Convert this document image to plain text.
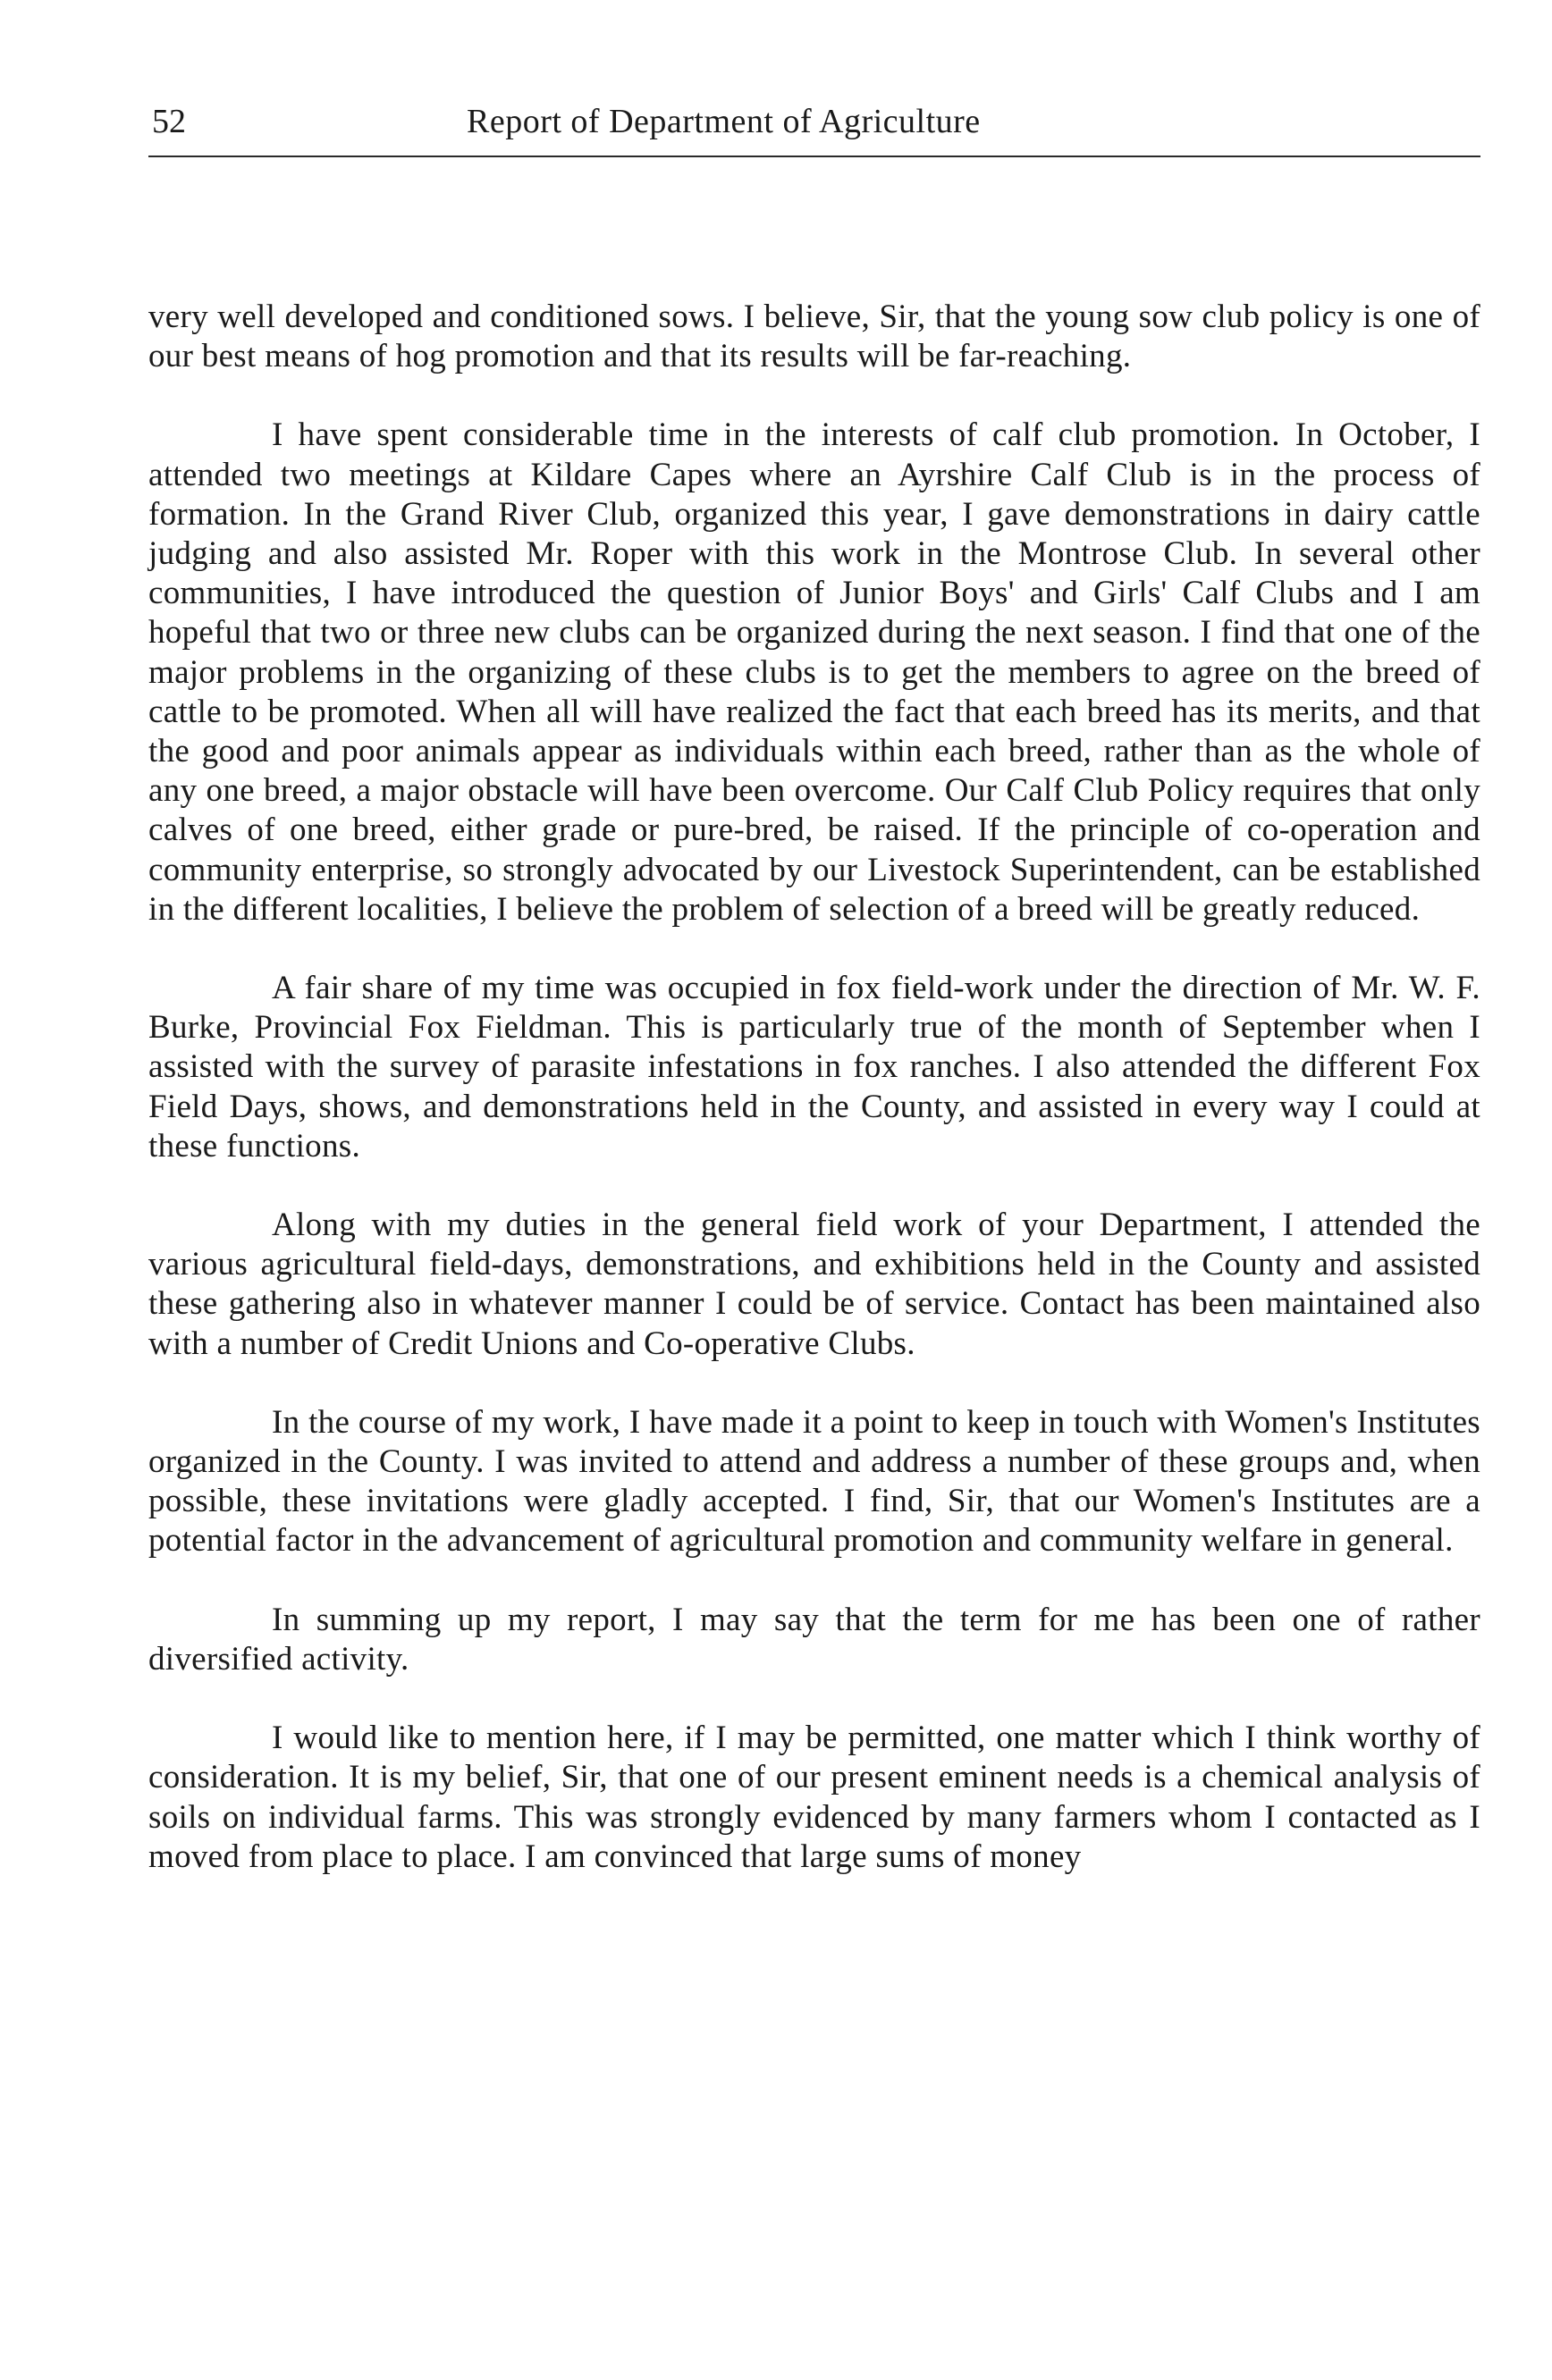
52	Report of Department of Agriculture

very well developed and conditioned sows. I believe, Sir, that the young sow club policy is one of our best means of hog promotion and that its results will be far-reaching.

I have spent considerable time in the interests of calf club promotion. In October, I attended two meetings at Kildare Capes where an Ayrshire Calf Club is in the process of formation. In the Grand River Club, organized this year, I gave demonstrations in dairy cattle judging and also assisted Mr. Roper with this work in the Montrose Club. In several other communities, I have introduced the question of Junior Boys' and Girls' Calf Clubs and I am hopeful that two or three new clubs can be organized during the next season. I find that one of the major problems in the organizing of these clubs is to get the members to agree on the breed of cattle to be promoted. When all will have realized the fact that each breed has its merits, and that the good and poor animals appear as individuals within each breed, rather than as the whole of any one breed, a major obstacle will have been overcome. Our Calf Club Policy requires that only calves of one breed, either grade or pure-bred, be raised. If the principle of co-operation and community enterprise, so strongly advocated by our Livestock Superintendent, can be established in the different localities, I believe the problem of selection of a breed will be greatly reduced.

A fair share of my time was occupied in fox field-work under the direction of Mr. W. F. Burke, Provincial Fox Fieldman. This is particularly true of the month of September when I assisted with the survey of parasite infestations in fox ranches. I also attended the different Fox Field Days, shows, and demonstrations held in the County, and assisted in every way I could at these functions.

Along with my duties in the general field work of your Department, I attended the various agricultural field-days, demonstrations, and exhibitions held in the County and assisted these gathering also in whatever manner I could be of service. Contact has been maintained also with a number of Credit Unions and Co-operative Clubs.

In the course of my work, I have made it a point to keep in touch with Women's Institutes organized in the County. I was invited to attend and address a number of these groups and, when possible, these invitations were gladly accepted. I find, Sir, that our Women's Institutes are a potential factor in the advancement of agricultural promotion and community welfare in general.

In summing up my report, I may say that the term for me has been one of rather diversified activity.

I would like to mention here, if I may be permitted, one matter which I think worthy of consideration. It is my belief, Sir, that one of our present eminent needs is a chemical analysis of soils on individual farms. This was strongly evidenced by many farmers whom I contacted as I moved from place to place. I am convinced that large sums of money
